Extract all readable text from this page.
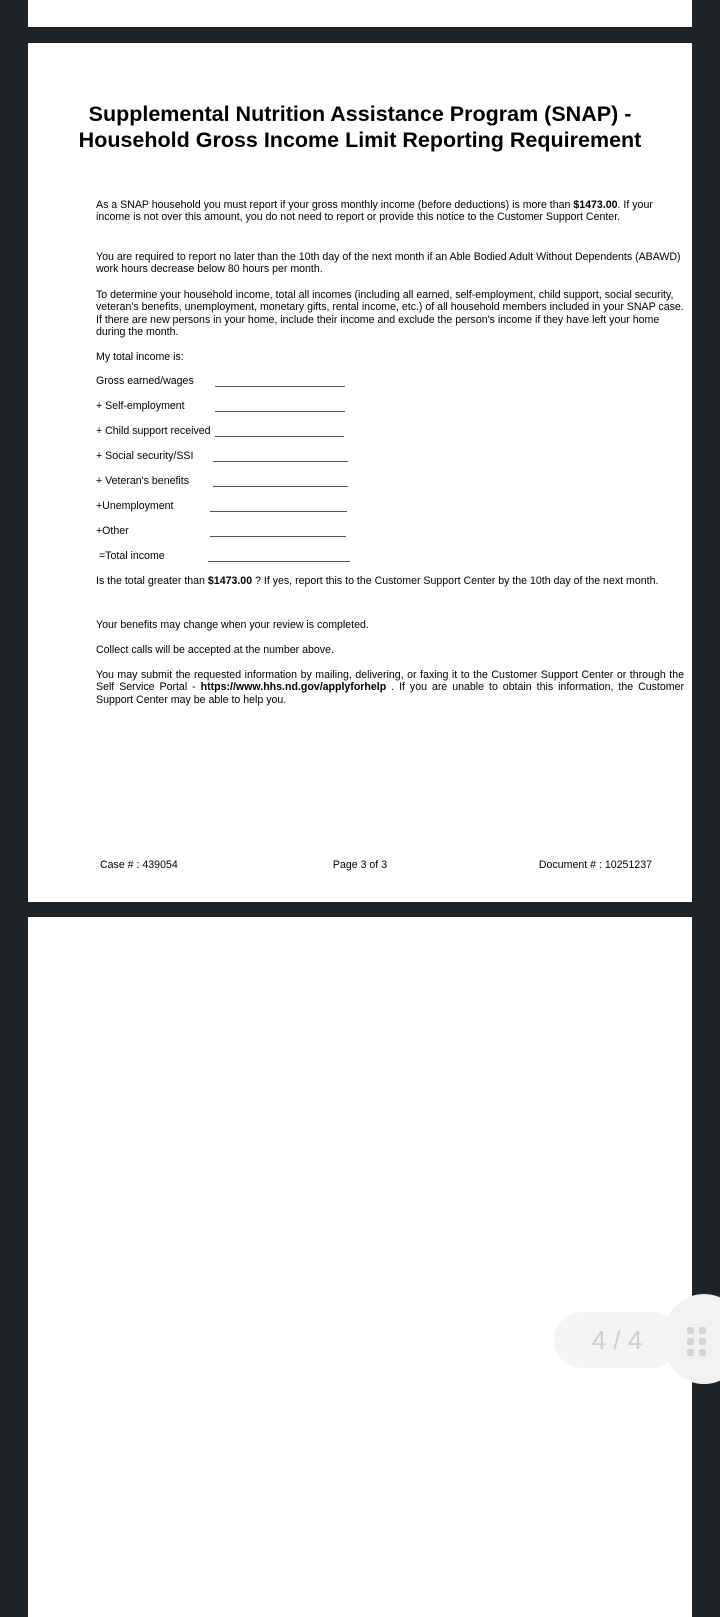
Supplemental Nutrition Assistance Program (SNAP) - Household Gross Income Limit Reporting Requirement

As a SNAP household you must report if your gross monthly income (before deductions) is more than $1473.00. If your income is not over this amount, you do not need to report or provide this notice to the Customer Support Center.

You are required to report no later than the 10th day of the next month if an Able Bodied Adult Without Dependents (ABAWD) work hours decrease below 80 hours per month.

To determine your household income, total all incomes (including all earned, self-employment, child support, social security, veteran's benefits, unemployment, monetary gifts, rental income, etc.) of all household members included in your SNAP case. If there are new persons in your home, include their income and exclude the person's income if they have left your home during the month.

My total income is:

Gross earned/wages
+ Self-employment
+ Child support received
+ Social security/SSI
+ Veteran's benefits
+Unemployment
+Other
=Total income

Is the total greater than $1473.00 ? If yes, report this to the Customer Support Center by the 10th day of the next month.

Your benefits may change when your review is completed.

Collect calls will be accepted at the number above.

You may submit the requested information by mailing, delivering, or faxing it to the Customer Support Center or through the Self Service Portal - https://www.hhs.nd.gov/applyforhelp . If you are unable to obtain this information, the Customer Support Center may be able to help you.

Case # : 439054	Page 3 of 3	Document # : 10251237
4 / 4
